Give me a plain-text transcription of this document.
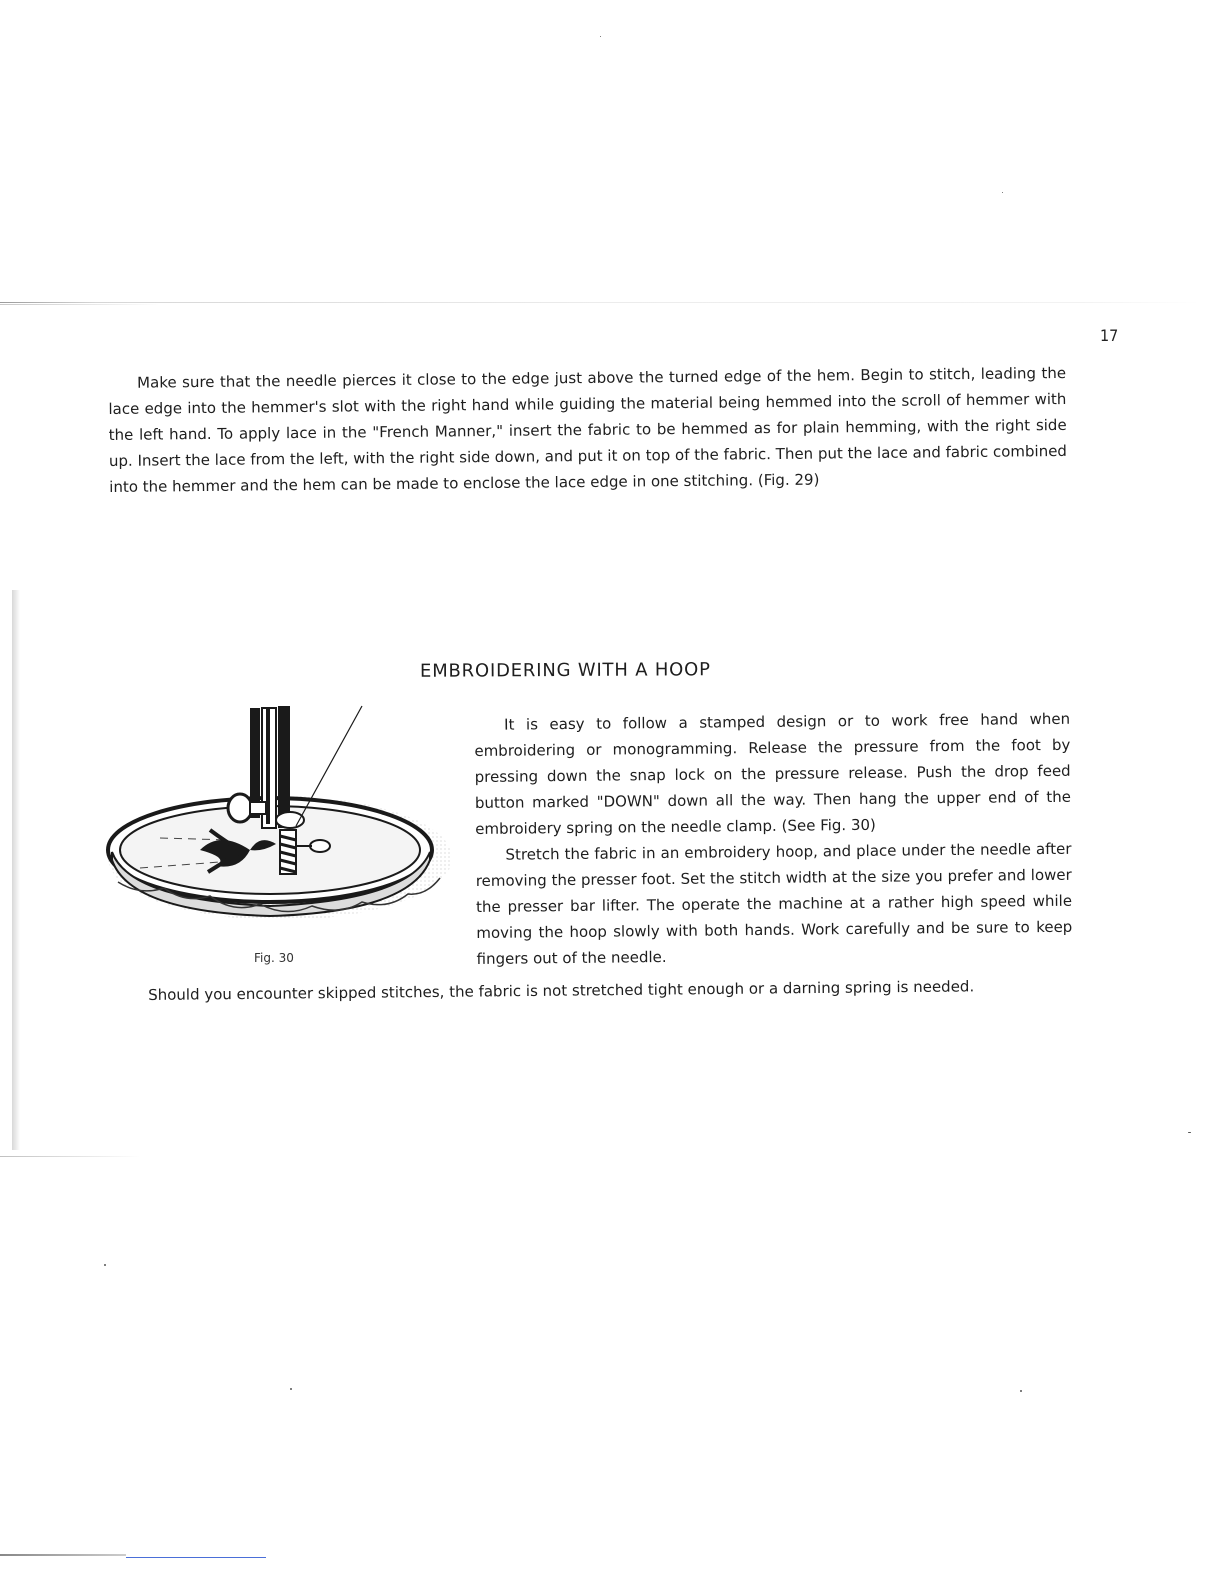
17

Make sure that the needle pierces it close to the edge just above the turned edge of the hem. Begin to stitch, leading the lace edge into the hemmer's slot with the right hand while guiding the material being hemmed into the scroll of hemmer with the left hand. To apply lace in the "French Manner," insert the fabric to be hemmed as for plain hemming, with the right side up. Insert the lace from the left, with the right side down, and put it on top of the fabric. Then put the lace and fabric combined into the hemmer and the hem can be made to enclose the lace edge in one stitching. (Fig. 29)

EMBROIDERING WITH A HOOP
Fig. 30

It is easy to follow a stamped design or to work free hand when embroidering or monogramming. Release the pressure from the foot by pressing down the snap lock on the pressure release. Push the drop feed button marked "DOWN" down all the way. Then hang the upper end of the embroidery spring on the needle clamp. (See Fig. 30)

Stretch the fabric in an embroidery hoop, and place under the needle after removing the presser foot. Set the stitch width at the size you prefer and lower the presser bar lifter. The operate the machine at a rather high speed while moving the hoop slowly with both hands. Work carefully and be sure to keep fingers out of the needle.

Should you encounter skipped stitches, the fabric is not stretched tight enough or a darning spring is needed.
